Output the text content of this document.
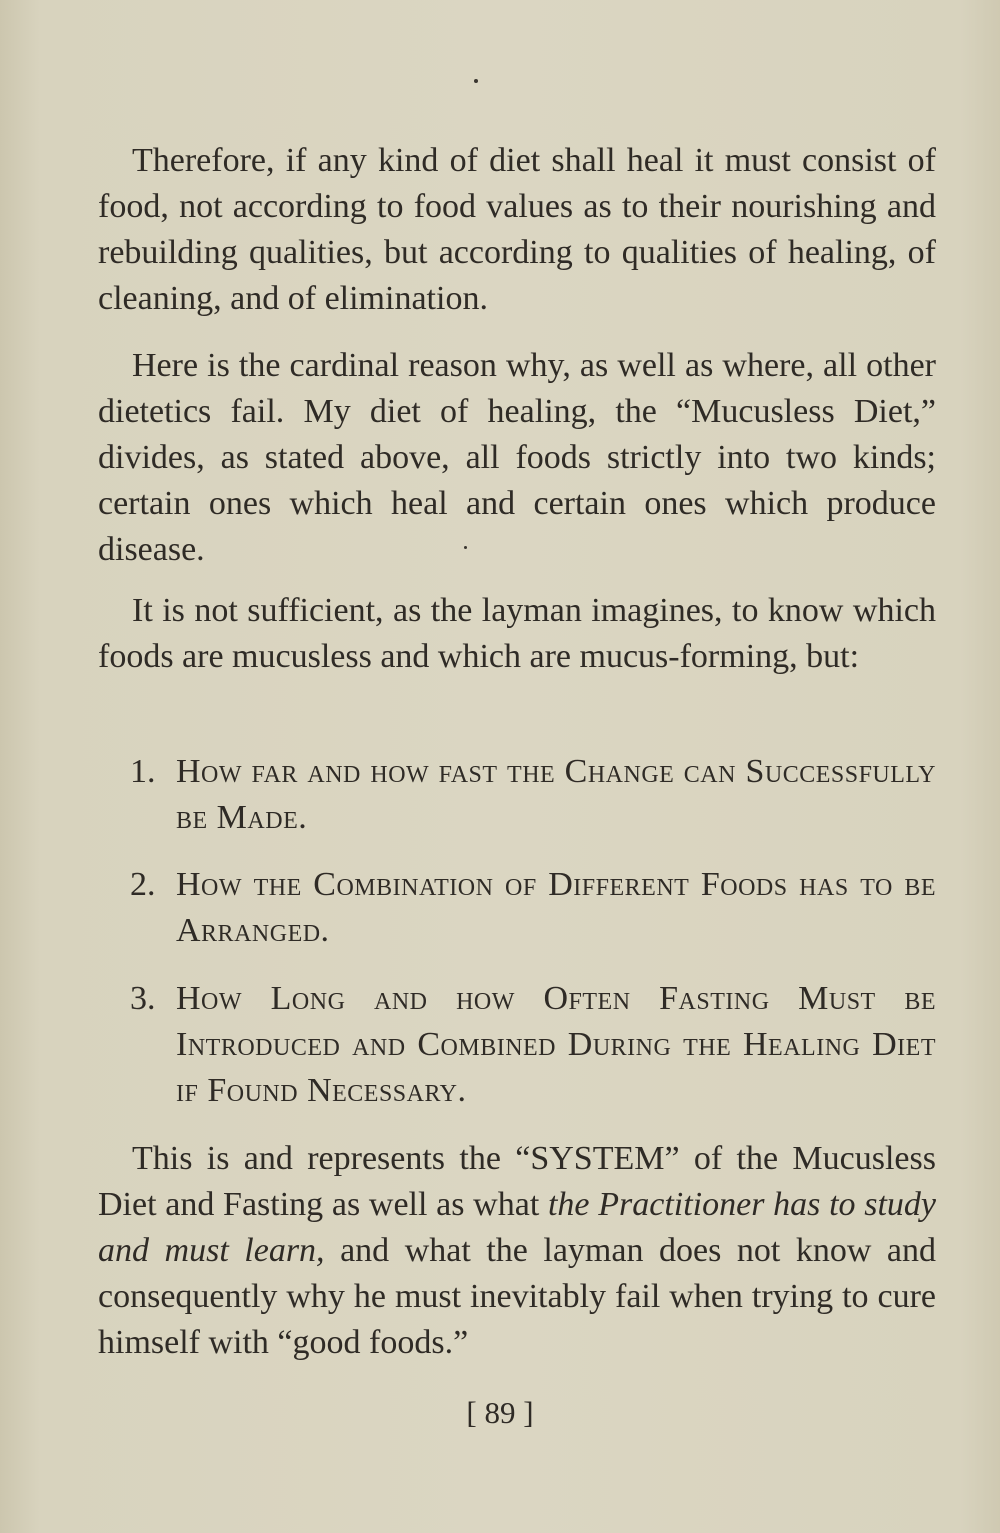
Therefore, if any kind of diet shall heal it must consist of food, not according to food values as to their nourishing and rebuilding qualities, but according to qualities of healing, of cleaning, and of elimination.

Here is the cardinal reason why, as well as where, all other dietetics fail. My diet of healing, the “Mucusless Diet,” divides, as stated above, all foods strictly into two kinds; certain ones which heal and certain ones which produce disease.

It is not sufficient, as the layman imagines, to know which foods are mucusless and which are mucus-forming, but:

1. How far and how fast the Change can Successfully be Made.
2. How the Combination of Different Foods has to be Arranged.
3. How Long and how Often Fasting Must be Introduced and Combined During the Healing Diet if Found Necessary.

This is and represents the “SYSTEM” of the Mucusless Diet and Fasting as well as what the Practitioner has to study and must learn, and what the layman does not know and consequently why he must inevitably fail when trying to cure himself with “good foods.”

[ 89 ]
